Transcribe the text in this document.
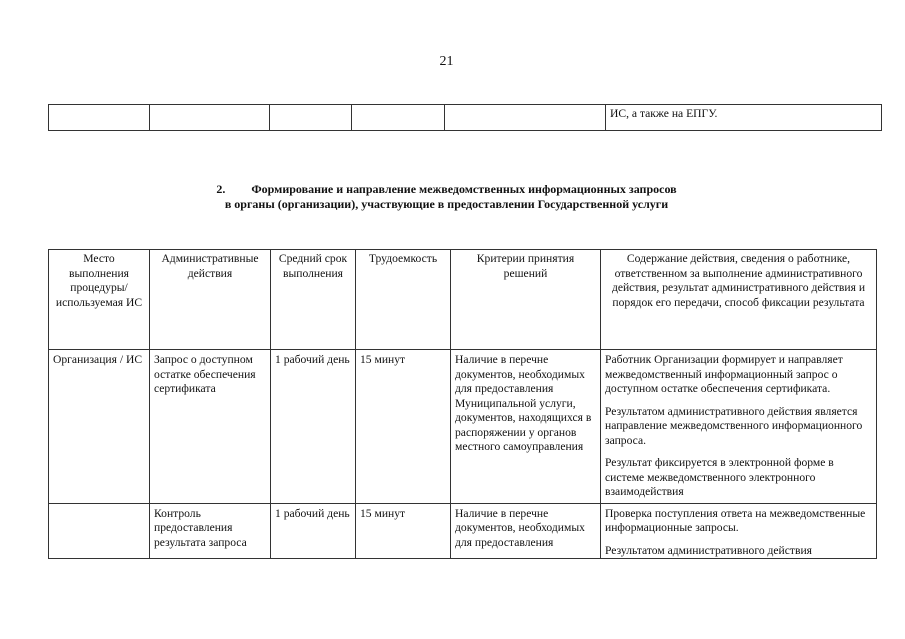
21
					ИС, а также на ЕПГУ.
2. Формирование и направление межведомственных информационных запросов
в органы (организации), участвующие в предоставлении Государственной услуги
Место выполнения процедуры/используемая ИС	Административные действия	Средний срок выполнения	Трудоемкость	Критерии принятия решений	Содержание действия, сведения о работнике, ответственном за выполнение административного действия, результат административного действия и порядок его передачи, способ фиксации результата
Организация / ИС	Запрос о доступном остатке обеспечения сертификата	1 рабочий день	15 минут	Наличие в перечне документов, необходимых для предоставления Муниципальной услуги, документов, находящихся в распоряжении у органов местного самоуправления	Работник Организации формирует и направляет межведомственный информационный запрос о доступном остатке обеспечения сертификата.

Результатом административного действия является направление межведомственного информационного запроса.

Результат фиксируется в электронной форме в системе межведомственного электронного взаимодействия

	Контроль предоставления результата запроса	1 рабочий день	15 минут	Наличие в перечне документов, необходимых для предоставления	Проверка поступления ответа на межведомственные информационные запросы.

Результатом административного действия
